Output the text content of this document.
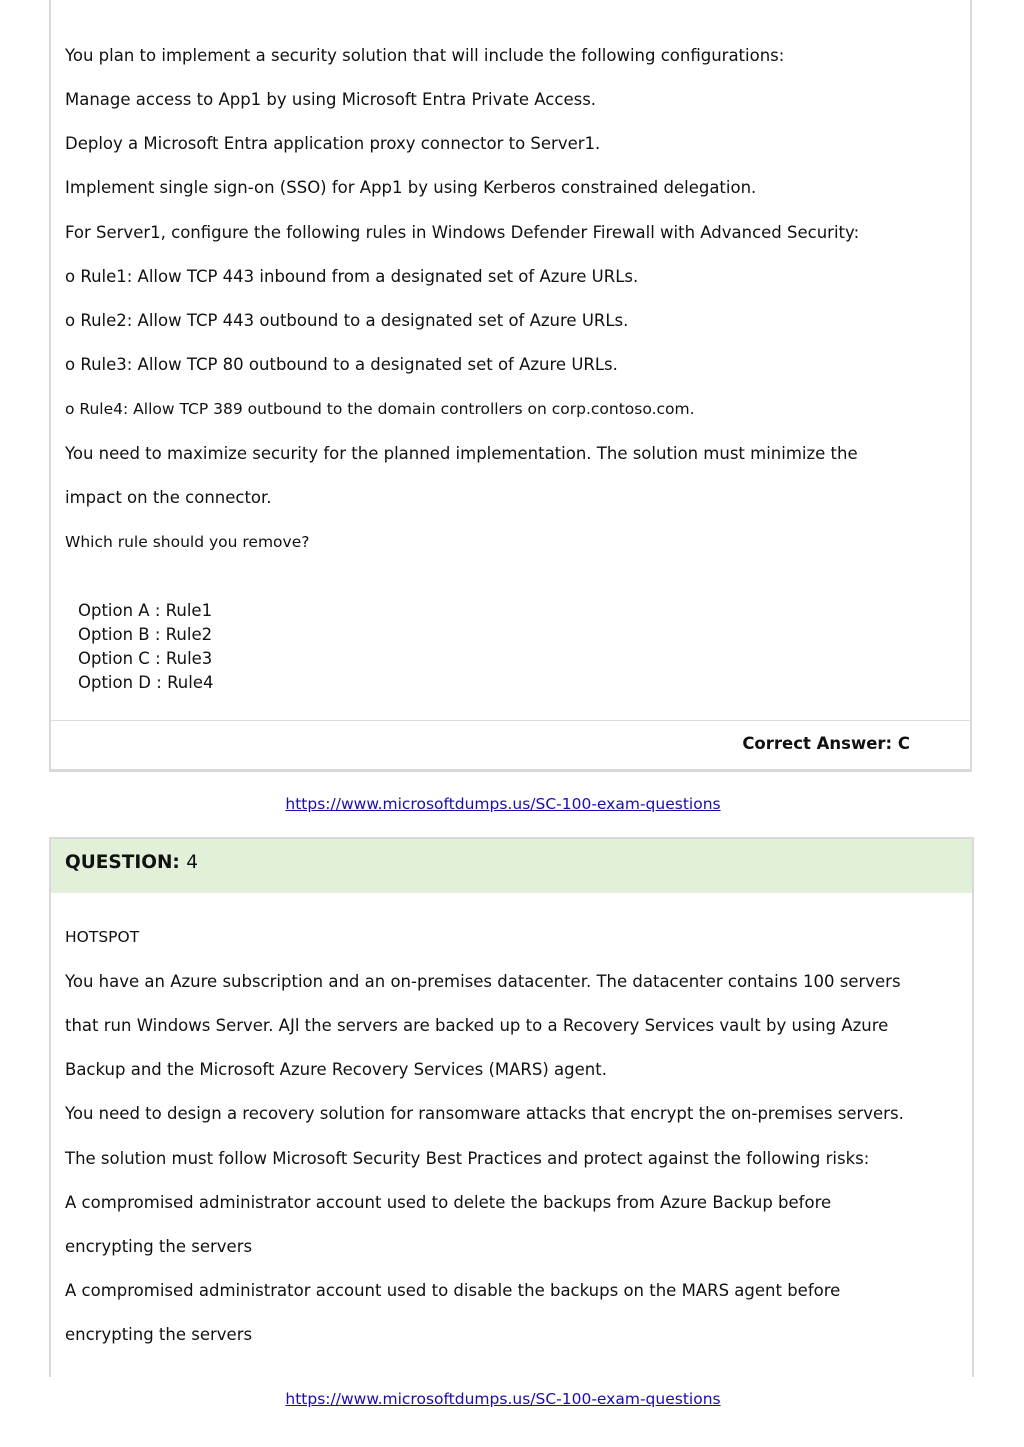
You plan to implement a security solution that will include the following configurations:
Manage access to App1 by using Microsoft Entra Private Access.
Deploy a Microsoft Entra application proxy connector to Server1.
Implement single sign-on (SSO) for App1 by using Kerberos constrained delegation.
For Server1, configure the following rules in Windows Defender Firewall with Advanced Security:
o Rule1: Allow TCP 443 inbound from a designated set of Azure URLs.
o Rule2: Allow TCP 443 outbound to a designated set of Azure URLs.
o Rule3: Allow TCP 80 outbound to a designated set of Azure URLs.
o Rule4: Allow TCP 389 outbound to the domain controllers on corp.contoso.com.
You need to maximize security for the planned implementation. The solution must minimize the
impact on the connector.
Which rule should you remove?
Option A : Rule1
Option B : Rule2
Option C : Rule3
Option D : Rule4
Correct Answer: C
https://www.microsoftdumps.us/SC-100-exam-questions
QUESTION: 4
HOTSPOT
You have an Azure subscription and an on-premises datacenter. The datacenter contains 100 servers
that run Windows Server. AJl the servers are backed up to a Recovery Services vault by using Azure
Backup and the Microsoft Azure Recovery Services (MARS) agent.
You need to design a recovery solution for ransomware attacks that encrypt the on-premises servers.
The solution must follow Microsoft Security Best Practices and protect against the following risks:
A compromised administrator account used to delete the backups from Azure Backup before
encrypting the servers
A compromised administrator account used to disable the backups on the MARS agent before
encrypting the servers
https://www.microsoftdumps.us/SC-100-exam-questions
